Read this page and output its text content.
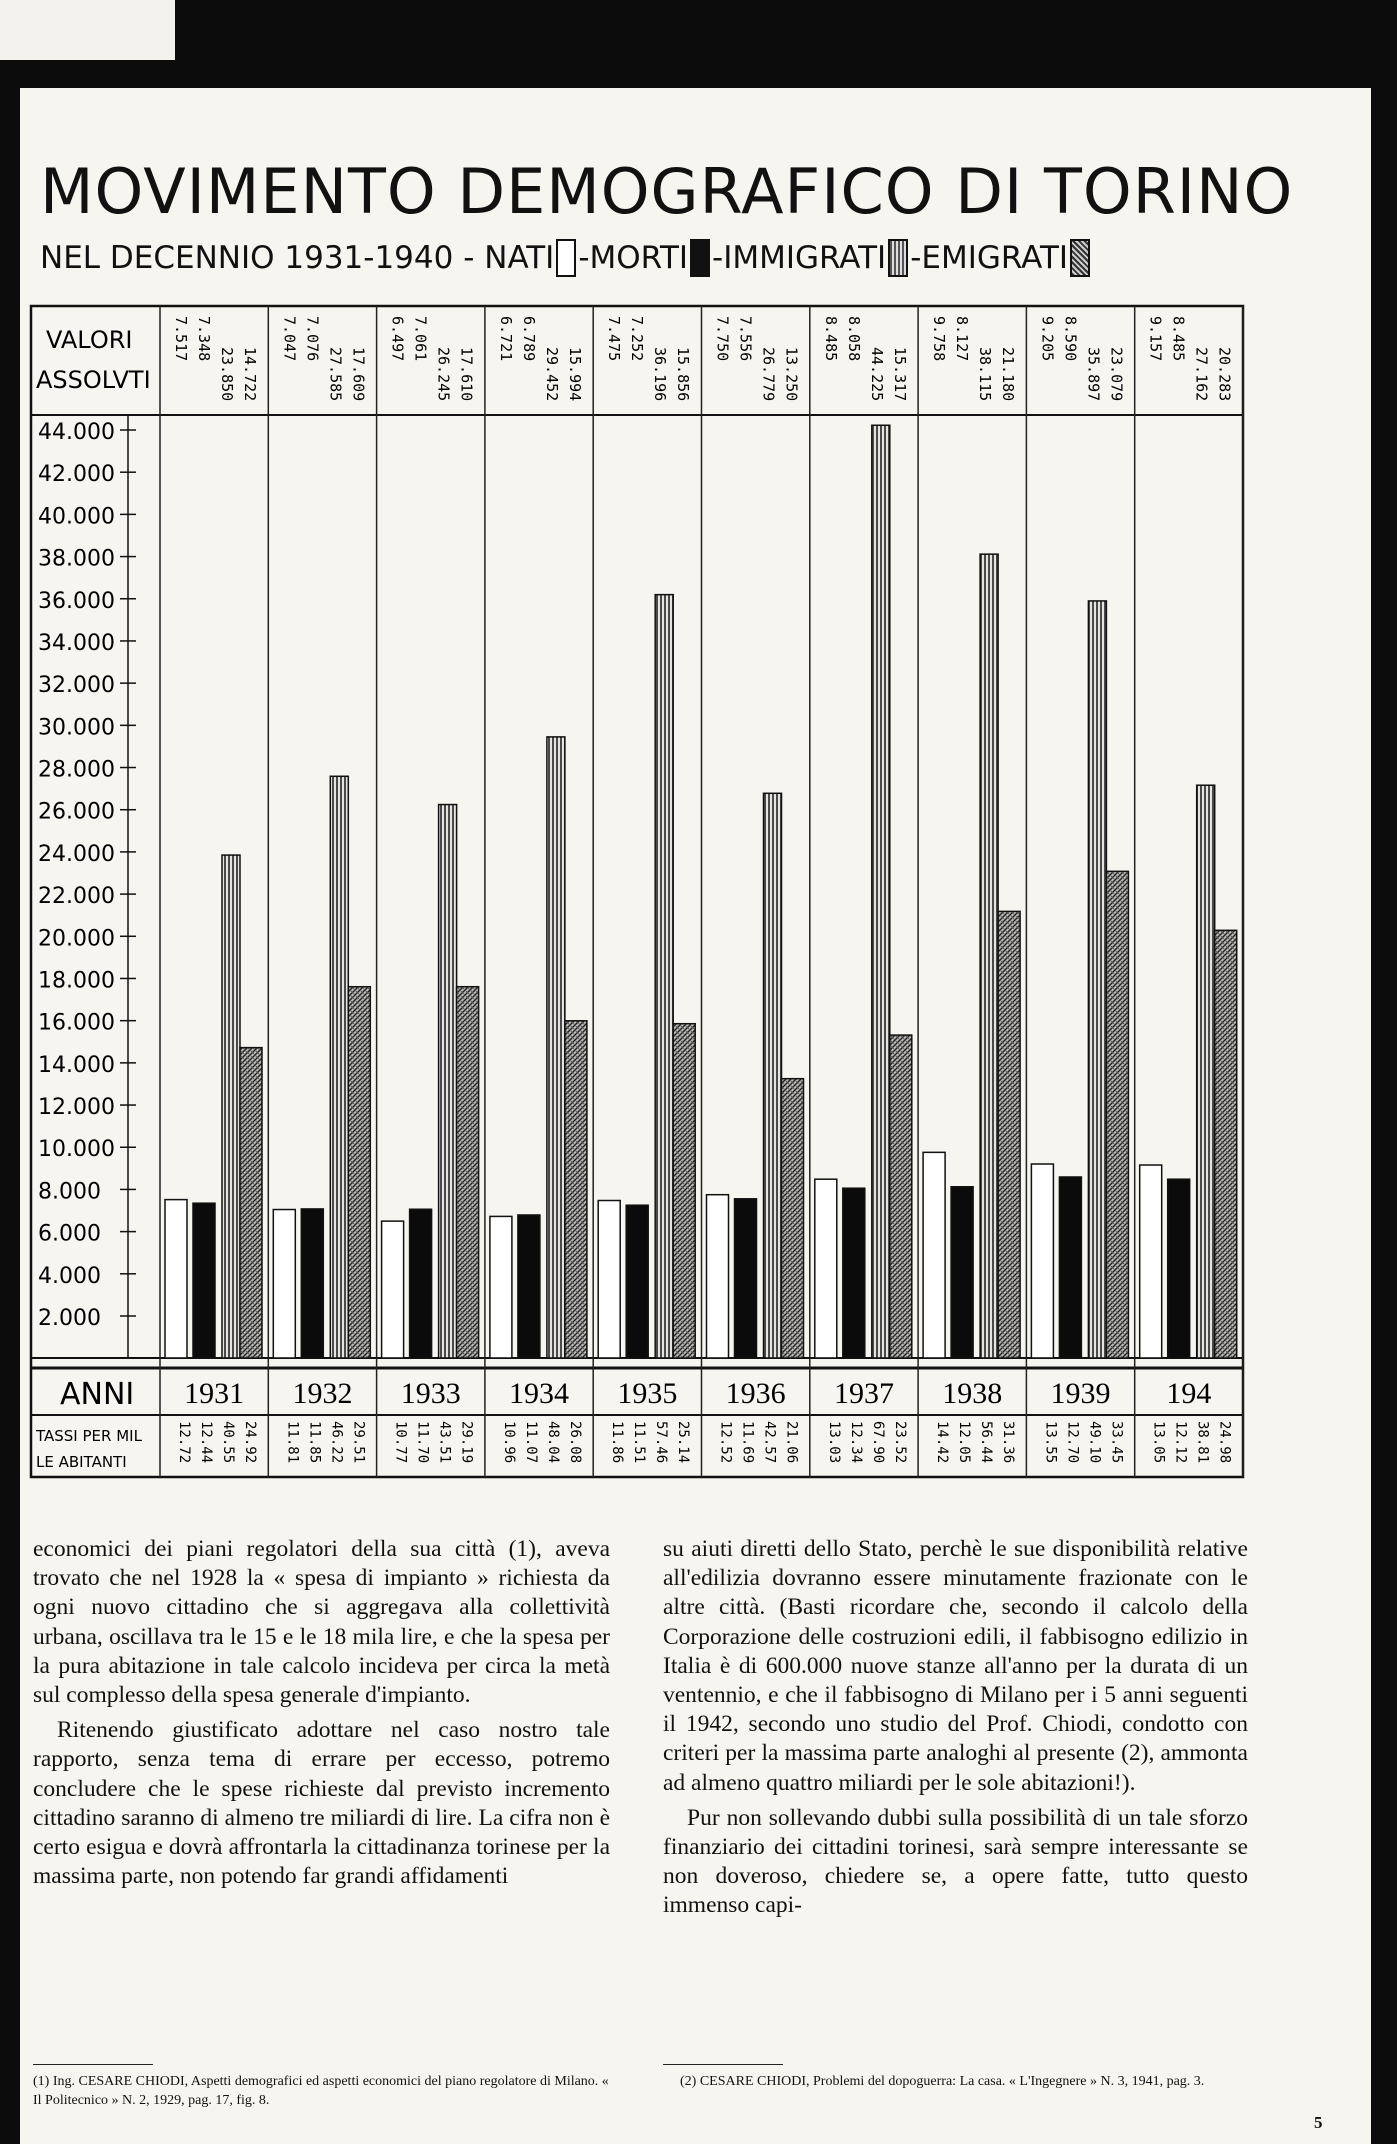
MOVIMENTO DEMOGRAFICO DI TORINO
NEL DECENNIO 1931-1940 - NATI -MORTI -IMMIGRATI -EMIGRATI
VALORI
ASSOLVTI
2.000
4.000
6.000
8.000
10.000
12.000
14.000
16.000
18.000
20.000
22.000
24.000
26.000
28.000
30.000
32.000
34.000
36.000
38.000
40.000
42.000
44.000
7.517 7.348
23.850 14.722
1931
12.72 12.44 40.55 24.92
7.047 7.076
27.585 17.609
1932
11.81 11.85 46.22 29.51
6.497 7.061
26.245 17.610
1933
10.77 11.70 43.51 29.19
6.721 6.789
29.452 15.994
1934
10.96 11.07 48.04 26.08
7.475 7.252
36.196 15.856
1935
11.86 11.51 57.46 25.14
7.750 7.556
26.779 13.250
1936
12.52 11.69 42.57 21.06
8.485 8.058
44.225 15.317
1937
13.03 12.34 67.90 23.52
9.758 8.127
38.115 21.180
1938
14.42 12.05 56.44 31.36
9.205 8.590
35.897 23.079
1939
13.55 12.70 49.10 33.45
9.157 8.485
27.162 20.283
194
13.05 12.12 38.81 24.98
ANNI
TASSI PER MIL
LE ABITANTI

economici dei piani regolatori della sua città (1), aveva trovato che nel 1928 la « spesa di impianto » richiesta da ogni nuovo cittadino che si aggregava alla collettività urbana, oscillava tra le 15 e le 18 mila lire, e che la spesa per la pura abitazione in tale calcolo incideva per circa la metà sul complesso della spesa generale d'impianto.

Ritenendo giustificato adottare nel caso nostro tale rapporto, senza tema di errare per eccesso, potremo concludere che le spese richieste dal previsto incremento cittadino saranno di almeno tre miliardi di lire. La cifra non è certo esigua e dovrà affrontarla la cittadinanza torinese per la massima parte, non potendo far grandi affidamenti

su aiuti diretti dello Stato, perchè le sue disponibilità relative all'edilizia dovranno essere minutamente frazionate con le altre città. (Basti ricordare che, secondo il calcolo della Corporazione delle costruzioni edili, il fabbisogno edilizio in Italia è di 600.000 nuove stanze all'anno per la durata di un ventennio, e che il fabbisogno di Milano per i 5 anni seguenti il 1942, secondo uno studio del Prof. Chiodi, condotto con criteri per la massima parte analoghi al presente (2), ammonta ad almeno quattro miliardi per le sole abitazioni!).

Pur non sollevando dubbi sulla possibilità di un tale sforzo finanziario dei cittadini torinesi, sarà sempre interessante se non doveroso, chiedere se, a opere fatte, tutto questo immenso capi-

(1) Ing. CESARE CHIODI, Aspetti demografici ed aspetti economici del piano regolatore di Milano. « Il Politecnico » N. 2, 1929, pag. 17, fig. 8.
(2) CESARE CHIODI, Problemi del dopoguerra: La casa. « L'Ingegnere » N. 3, 1941, pag. 3.
5
